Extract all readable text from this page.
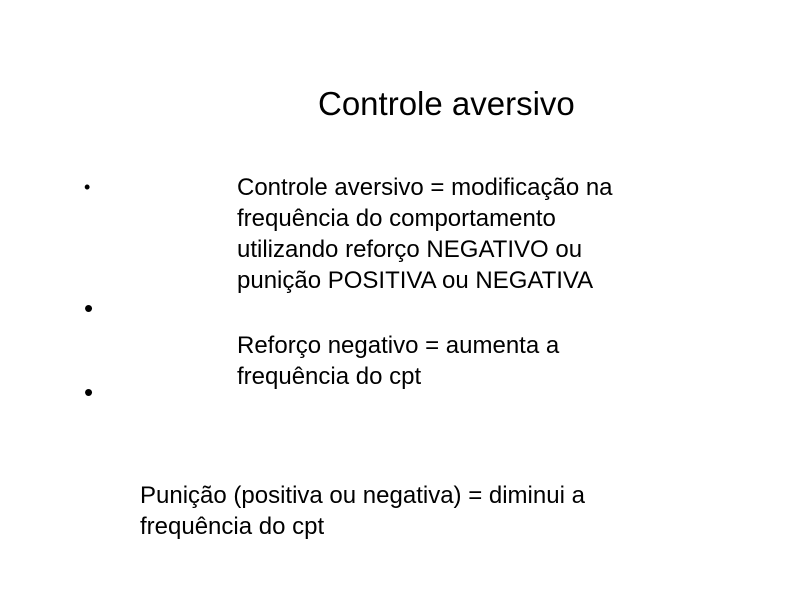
Controle aversivo
•
•
•
Controle aversivo = modificação na
frequência do comportamento
utilizando reforço NEGATIVO ou
punição POSITIVA ou NEGATIVA
Reforço negativo = aumenta a
frequência do cpt
Punição (positiva ou negativa) = diminui a
frequência do cpt
